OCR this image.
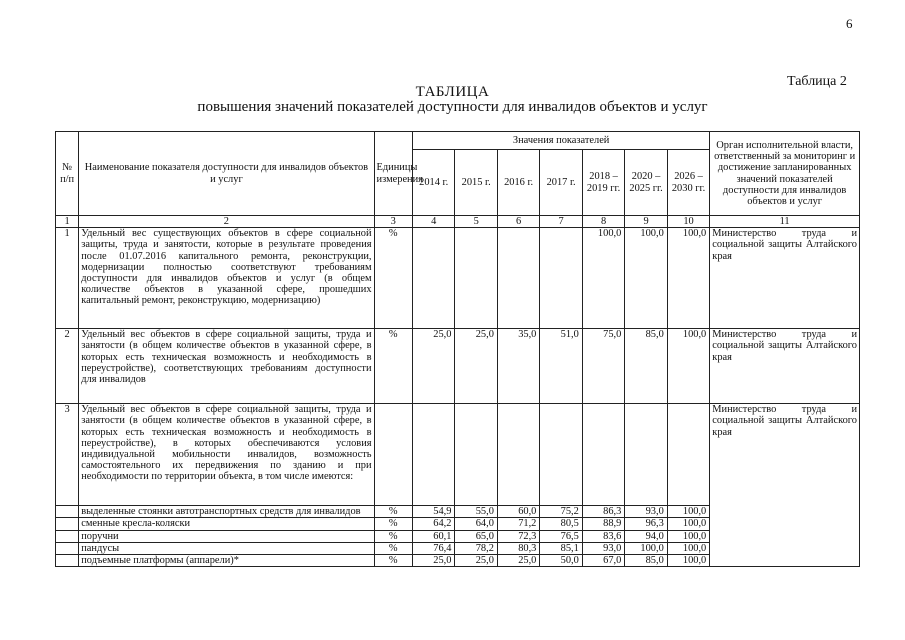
6
Таблица 2
ТАБЛИЦА
повышения значений показателей доступности для инвалидов объектов и услуг
№ п/п	Наименование показателя доступности для инвалидов объектов и услуг	Единицы измерения	Значения показателей							Орган исполнительной власти, ответственный за мониторинг и достижение запланированных значений показателей доступности для инвалидов объектов и услуг
			2014 г.	2015 г.	2016 г.	2017 г.	2018 – 2019 гг.	2020 – 2025 гг.	2026 – 2030 гг.	
1	2	3	4	5	6	7	8	9	10	11
1	Удельный вес существующих объектов в сфере социальной защиты, труда и занятости, которые в результате проведения после 01.07.2016 капитального ремонта, реконструкции, модернизации полностью соответствуют требованиям доступности для инвалидов объектов и услуг (в общем количестве объектов в указанной сфере, прошедших капитальный ремонт, реконструкцию, модернизацию)	%					100,0	100,0	100,0	Министерство труда и социальной защиты Алтайского края
2	Удельный вес объектов в сфере социальной защиты, труда и занятости (в общем количестве объектов в указанной сфере, в которых есть техническая возможность и необходимость в переустройстве), соответствующих требованиям доступности для инвалидов	%	25,0	25,0	35,0	51,0	75,0	85,0	100,0	Министерство труда и социальной защиты Алтайского края
3	Удельный вес объектов в сфере социальной защиты, труда и занятости (в общем количестве объектов в указанной сфере, в которых есть техническая возможность и необходимость в переустройстве), в которых обеспечиваются условия индивидуальной мобильности инвалидов, возможность самостоятельного их передвижения по зданию и при необходимости по территории объекта, в том числе имеются:									Министерство труда и социальной защиты Алтайского края
	выделенные стоянки автотранспортных средств для инвалидов	%	54,9	55,0	60,0	75,2	86,3	93,0	100,0	
	сменные кресла-коляски	%	64,2	64,0	71,2	80,5	88,9	96,3	100,0	
	поручни	%	60,1	65,0	72,3	76,5	83,6	94,0	100,0	
	пандусы	%	76,4	78,2	80,3	85,1	93,0	100,0	100,0	
	подъемные платформы (аппарели)*	%	25,0	25,0	25,0	50,0	67,0	85,0	100,0	
